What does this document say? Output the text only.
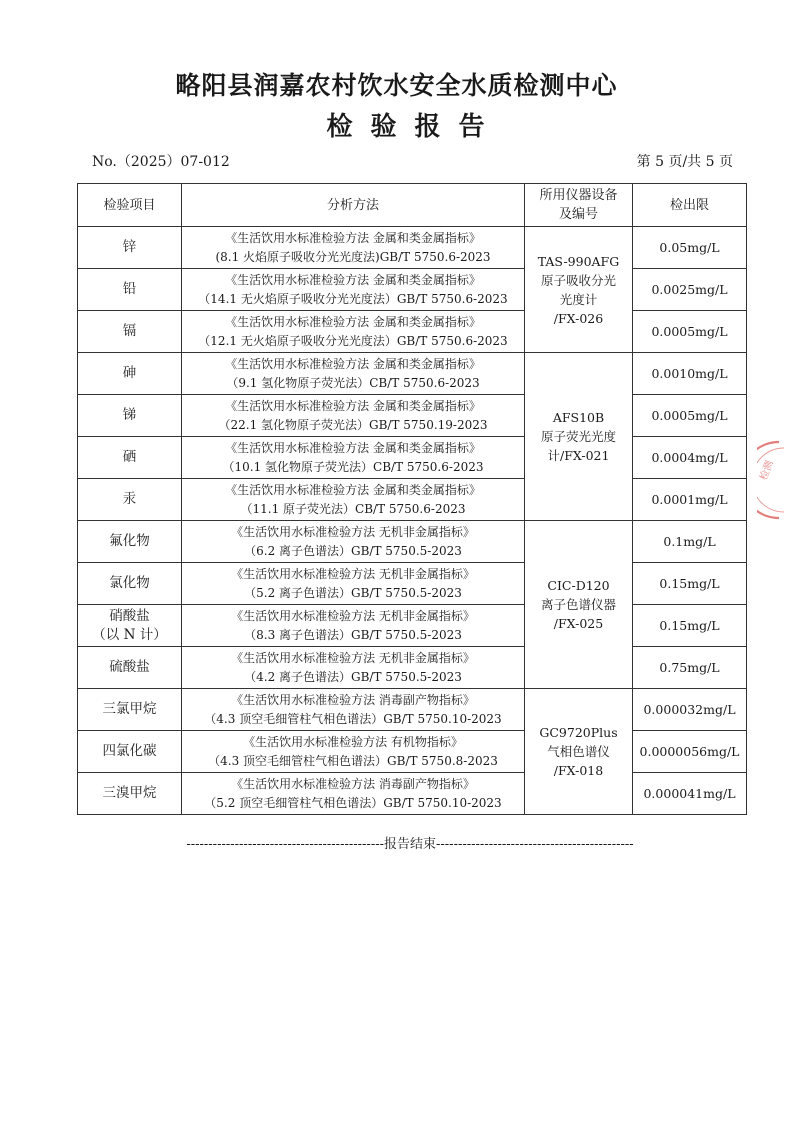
略阳县润嘉农村饮水安全水质检测中心
检验报告
No.（2025）07-012	第 5 页/共 5 页
检验项目	分析方法	所用仪器设备及编号	检出限

锌	《生活饮用水标准检验方法 金属和类金属指标》
(8.1 火焰原子吸收分光光度法)GB/T 5750.6-2023	TAS-990AFG
原子吸收分光
光度计
/FX-026	0.05mg/L

铅	《生活饮用水标准检验方法 金属和类金属指标》
（14.1 无火焰原子吸收分光光度法）GB/T 5750.6-2023		0.0025mg/L

镉	《生活饮用水标准检验方法 金属和类金属指标》
（12.1 无火焰原子吸收分光光度法）GB/T 5750.6-2023		0.0005mg/L

砷	《生活饮用水标准检验方法 金属和类金属指标》
（9.1 氢化物原子荧光法）CB/T 5750.6-2023	AFS10B
原子荧光光度
计/FX-021	0.0010mg/L

锑	《生活饮用水标准检验方法 金属和类金属指标》
（22.1 氢化物原子荧光法）GB/T 5750.19-2023		0.0005mg/L

硒	《生活饮用水标准检验方法 金属和类金属指标》
（10.1 氢化物原子荧光法）CB/T 5750.6-2023		0.0004mg/L

汞	《生活饮用水标准检验方法 金属和类金属指标》
（11.1 原子荧光法）CB/T 5750.6-2023		0.0001mg/L

氟化物	《生活饮用水标准检验方法 无机非金属指标》
（6.2 离子色谱法）GB/T 5750.5-2023	CIC-D120
离子色谱仪器
/FX-025	0.1mg/L

氯化物	《生活饮用水标准检验方法 无机非金属指标》
（5.2 离子色谱法）GB/T 5750.5-2023		0.15mg/L

硝酸盐
（以 N 计）	《生活饮用水标准检验方法 无机非金属指标》
（8.3 离子色谱法）GB/T 5750.5-2023		0.15mg/L

硫酸盐	《生活饮用水标准检验方法 无机非金属指标》
（4.2 离子色谱法）GB/T 5750.5-2023		0.75mg/L

三氯甲烷	《生活饮用水标准检验方法 消毒副产物指标》
（4.3 顶空毛细管柱气相色谱法）GB/T 5750.10-2023	GC9720Plus
气相色谱仪
/FX-018	0.000032mg/L

四氯化碳	《生活饮用水标准检验方法 有机物指标》
（4.3 顶空毛细管柱气相色谱法）GB/T 5750.8-2023		0.0000056mg/L

三溴甲烷	《生活饮用水标准检验方法 消毒副产物指标》
（5.2 顶空毛细管柱气相色谱法）GB/T 5750.10-2023		0.000041mg/L
---------------------------------------------报告结束---------------------------------------------
检测
